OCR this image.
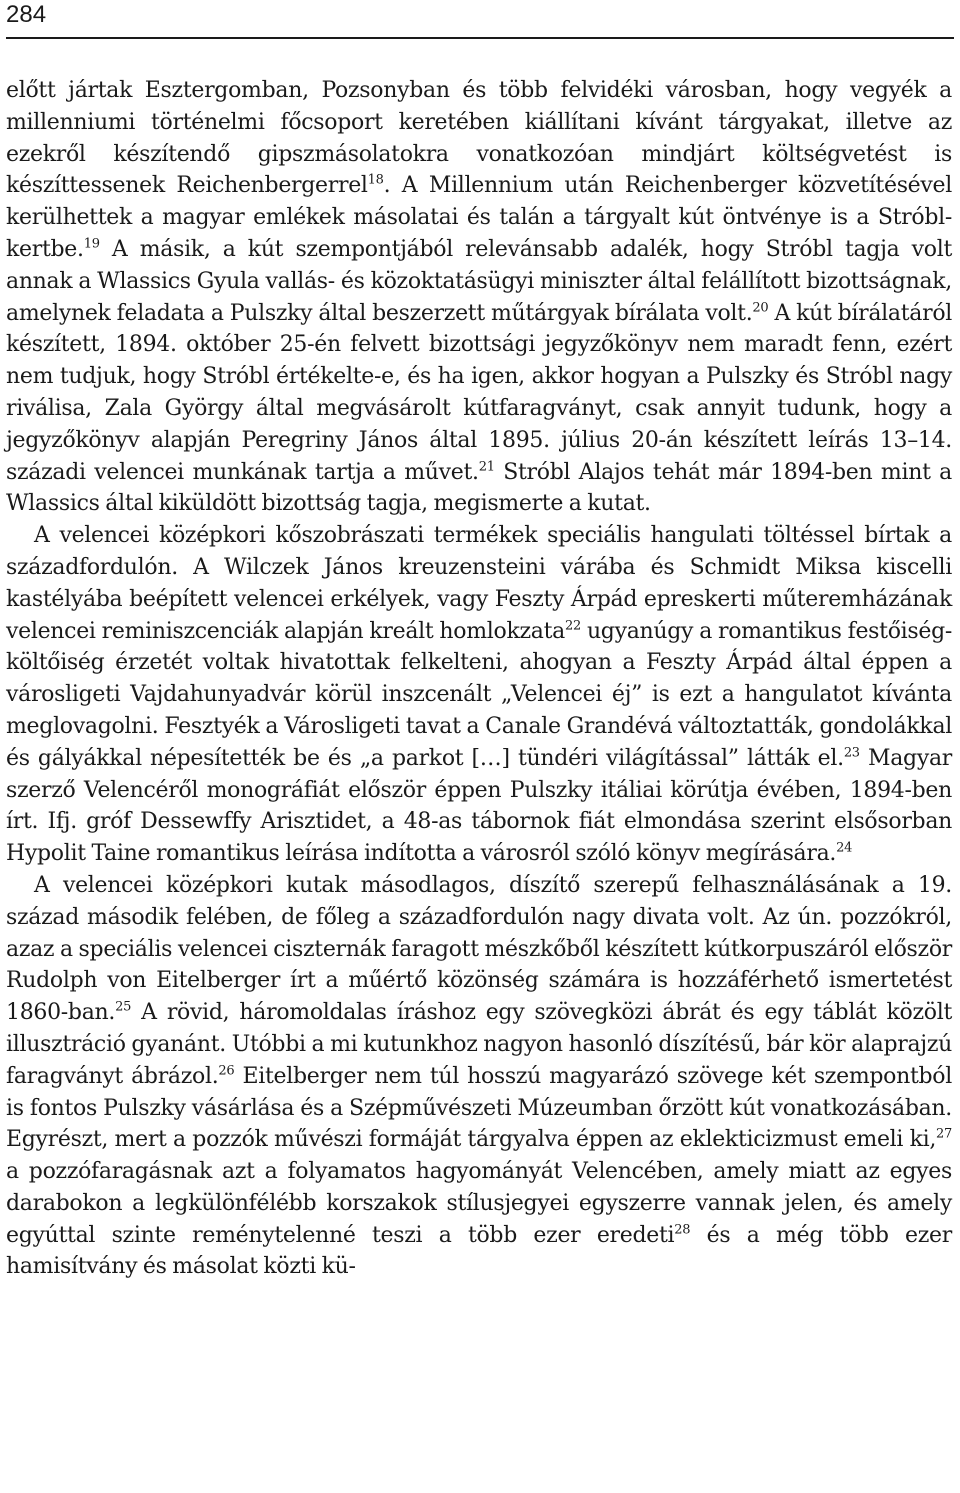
284

előtt jártak Esztergomban, Pozsonyban és több felvidéki városban, hogy vegyék a millenniumi történelmi főcsoport keretében kiállítani kívánt tárgyakat, illetve az ezekről készítendő gipszmásolatokra vonatkozóan mindjárt költségvetést is készíttessenek Reichenbergerrel$^{18}$. A Millennium után Reichenberger közvetítésével kerülhettek a magyar emlékek másolatai és talán a tárgyalt kút öntvénye is a Stróbl-kertbe.$^{19}$ A másik, a kút szempontjából relevánsabb adalék, hogy Stróbl tagja volt annak a Wlassics Gyula vallás- és közoktatásügyi miniszter által felállított bizottságnak, amelynek feladata a Pulszky által beszerzett műtárgyak bírálata volt.$^{20}$ A kút bírálatáról készített, 1894. október 25-én felvett bizottsági jegyzőkönyv nem maradt fenn, ezért nem tudjuk, hogy Stróbl értékelte-e, és ha igen, akkor hogyan a Pulszky és Stróbl nagy riválisa, Zala György által megvásárolt kútfaragványt, csak annyit tudunk, hogy a jegyzőkönyv alapján Peregriny János által 1895. július 20-án készített leírás 13–14. századi velencei munkának tartja a művet.$^{21}$ Stróbl Alajos tehát már 1894-ben mint a Wlassics által kiküldött bizottság tagja, megismerte a kutat.

A velencei középkori kőszobrászati termékek speciális hangulati töltéssel bírtak a századfordulón. A Wilczek János kreuzensteini várába és Schmidt Miksa kiscelli kastélyába beépített velencei erkélyek, vagy Feszty Árpád epreskerti műteremházának velencei reminiszcenciák alapján kreált homlokzata$^{22}$ ugyanúgy a romantikus festőiség-költőiség érzetét voltak hivatottak felkelteni, ahogyan a Feszty Árpád által éppen a városligeti Vajdahunyadvár körül inszcenált „Velencei éj” is ezt a hangulatot kívánta meglovagolni. Fesztyék a Városligeti tavat a Canale Grandévá változtatták, gondolákkal és gályákkal népesítették be és „a parkot […] tündéri világítással” látták el.$^{23}$ Magyar szerző Velencéről monográfiát először éppen Pulszky itáliai körútja évében, 1894-ben írt. Ifj. gróf Dessewffy Arisztidet, a 48-as tábornok fiát elmondása szerint elsősorban Hypolit Taine romantikus leírása indította a városról szóló könyv megírására.$^{24}$

A velencei középkori kutak másodlagos, díszítő szerepű felhasználásának a 19. század második felében, de főleg a századfordulón nagy divata volt. Az ún. pozzókról, azaz a speciális velencei ciszternák faragott mészkőből készített kútkorpuszáról először Rudolph von Eitelberger írt a műértő közönség számára is hozzáférhető ismertetést 1860-ban.$^{25}$ A rövid, háromoldalas íráshoz egy szövegközi ábrát és egy táblát közölt illusztráció gyanánt. Utóbbi a mi kutunkhoz nagyon hasonló díszítésű, bár kör alaprajzú faragványt ábrázol.$^{26}$ Eitelberger nem túl hosszú magyarázó szövege két szempontból is fontos Pulszky vásárlása és a Szépművészeti Múzeumban őrzött kút vonatkozásában. Egyrészt, mert a pozzók művészi formáját tárgyalva éppen az eklekticizmust emeli ki,$^{27}$ a pozzófaragásnak azt a folyamatos hagyományát Velencében, amely miatt az egyes darabokon a legkülönfélébb korszakok stílusjegyei egyszerre vannak jelen, és amely egyúttal szinte reménytelenné teszi a több ezer eredeti$^{28}$ és a még több ezer hamisítvány és másolat közti kü-
